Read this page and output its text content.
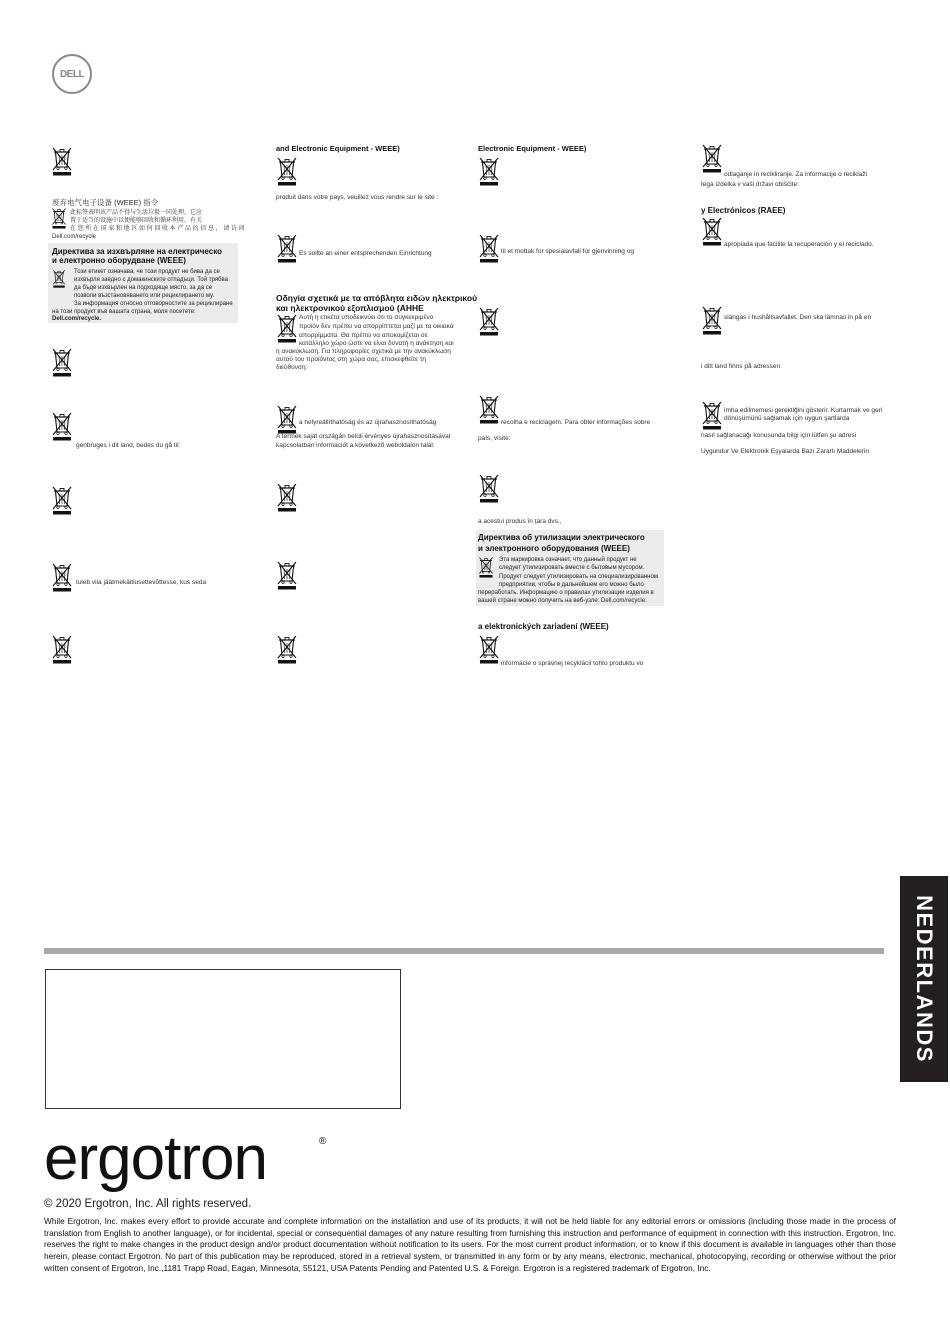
DELL
废弃电气电子设备 (WEEE) 指令
此标签表明该产品不得与生活垃圾一同处理。它应
置于适当的设施中以便能够回收和循环利用。有关
在 您 所 在 国 家 和 地 区 如 何 回 收 本 产 品 的 信 息 ， 请 访 问
Dell.com/recycle
Директива за изхвърляне на електрическо
и електронно оборудване (WEEE)
Този етикет означава, че този продукт не бива да се
изхвърля заедно с домакинските отпадъци. Той трябва
да бъде изхвърлен на подходяще място, за да се
позволи възстановяването или рециклирането му.
За информация относно отговорностите за рециклиране
на този продукт във вашата страна, моля посетете:
Dell.com/recycle.
genbruges i dit land, bedes du gå til:
tuleb viia jäätmekäitlusettevõttesse, kus seda
and Electronic Equipment - WEEE)
produit dans votre pays, veuillez vous rendre sur le site :
Es sollte an einer entsprechenden Einrichtung
Οδηγία σχετικά με τα απόβλητα ειδών ηλεκτρικού
και ηλεκτρονικού εξοπλισμού (ΑΗΗΕ
Αυτή η ετικέτα υποδεικνύει ότι το συγκεκριμένο
προϊόν δεν πρέπει να απορρίπτεται μαζί με τα οικιακά
απορρίμματα. Θα πρέπει να αποκομίζεται σε
κατάλληλο χώρο ώστε να είναι δυνατή η ανάκτηση και
η ανακύκλωση. Για πληροφορίες σχετικά με την ανακύκλωση
αυτού του προϊόντος στη χώρα σας, επισκεφθείτε τη
διεύθυνση:
a helyreállíthatóság és az újrahasznosíthatóság
A termék saját országán belüli érvényes újrahasznosításával
kapcsolatban információt a következő weboldalon talál:
Electronic Equipment - WEEE)
til et mottak for spesialavfall for gjenvinning og
recolha e reciclagem. Para obter informações sobre
país, visite:
a acestui produs în țara dvs.,
Директива об утилизации электрического
и электронного оборудования (WEEE)
Эта маркировка означает, что данный продукт не
следует утилизировать вместе с бытовым мусором.
Продукт следует утилизировать на специализированном
предприятии, чтобы в дальнейшем его можно было
переработать. Информацию о правилах утилизации изделия в
вашей стране можно получить на веб-узле: Dell.com/recycle.
a elektronických zariadení (WEEE)
informácie o správnej recyklácii tohto produktu vo
odlaganje in recikliranje. Za informacije o reciklaži
tega izdelka v vaši državi obiščite:
y Electrónicos (RAEE)
apropiada que facilite la recuperación y el reciclado.
slängas i hushållsavfallet. Den ska lämnas in på en
i ditt land finns på adressen
imha edilmemesi gerektiğini gösterir. Kurtarmak ve geri
dönüşümünü sağlamak için uygun şartlarda
nasıl sağlanacağı konusunda bilgi için lütfen şu adresi
Uygundur Ve Elektronik Eşyalarda Bazı Zararlı Maddelerin
NEDERLANDS
ergotron	®
© 2020 Ergotron, Inc. All rights reserved.
While Ergotron, Inc. makes every effort to provide accurate and complete information on the installation and use of its products, it will not be held liable for any editorial errors or omissions (including those made in the process of translation from English to another language), or for incidental, special or consequential damages of any nature resulting from furnishing this instruction and performance of equipment in connection with this instruction. Ergotron, Inc. reserves the right to make changes in the product design and/or product documentation without notification to its users. For the most current product information, or to know if this document is available in languages other than those herein, please contact Ergotron. No part of this publication may be reproduced, stored in a retrieval system, or transmitted in any form or by any means, electronic, mechanical, photocopying, recording or otherwise without the prior written consent of Ergotron, Inc.,1181 Trapp Road, Eagan, Minnesota, 55121, USA Patents Pending and Patented U.S. & Foreign. Ergotron is a registered trademark of Ergotron, Inc.
